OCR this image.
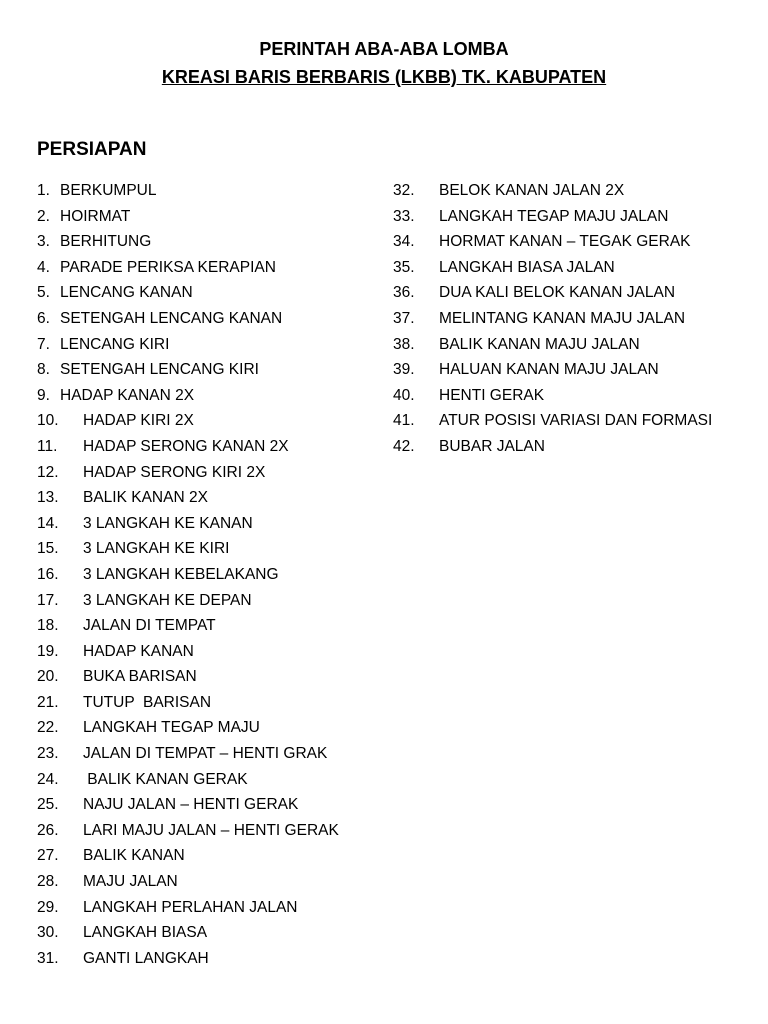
PERINTAH ABA-ABA LOMBA
KREASI BARIS BERBARIS (LKBB) TK. KABUPATEN
PERSIAPAN
1. BERKUMPUL
2. HOIRMAT
3. BERHITUNG
4. PARADE PERIKSA KERAPIAN
5. LENCANG KANAN
6. SETENGAH LENCANG KANAN
7. LENCANG KIRI
8. SETENGAH LENCANG KIRI
9. HADAP KANAN 2X
10. HADAP KIRI 2X
11. HADAP SERONG KANAN 2X
12. HADAP SERONG KIRI 2X
13. BALIK KANAN 2X
14. 3 LANGKAH KE KANAN
15. 3 LANGKAH KE KIRI
16. 3 LANGKAH KEBELAKANG
17. 3 LANGKAH KE DEPAN
18. JALAN DI TEMPAT
19. HADAP KANAN
20. BUKA BARISAN
21. TUTUP  BARISAN
22. LANGKAH TEGAP MAJU
23. JALAN DI TEMPAT – HENTI GRAK
24. BALIK KANAN GERAK
25. NAJU JALAN – HENTI GERAK
26. LARI MAJU JALAN – HENTI GERAK
27. BALIK KANAN
28. MAJU JALAN
29. LANGKAH PERLAHAN JALAN
30. LANGKAH BIASA
31. GANTI LANGKAH
32. BELOK KANAN JALAN 2X
33. LANGKAH TEGAP MAJU JALAN
34. HORMAT KANAN – TEGAK GERAK
35. LANGKAH BIASA JALAN
36. DUA KALI BELOK KANAN JALAN
37. MELINTANG KANAN MAJU JALAN
38. BALIK KANAN MAJU JALAN
39. HALUAN KANAN MAJU JALAN
40. HENTI GERAK
41. ATUR POSISI VARIASI DAN FORMASI
42. BUBAR JALAN
